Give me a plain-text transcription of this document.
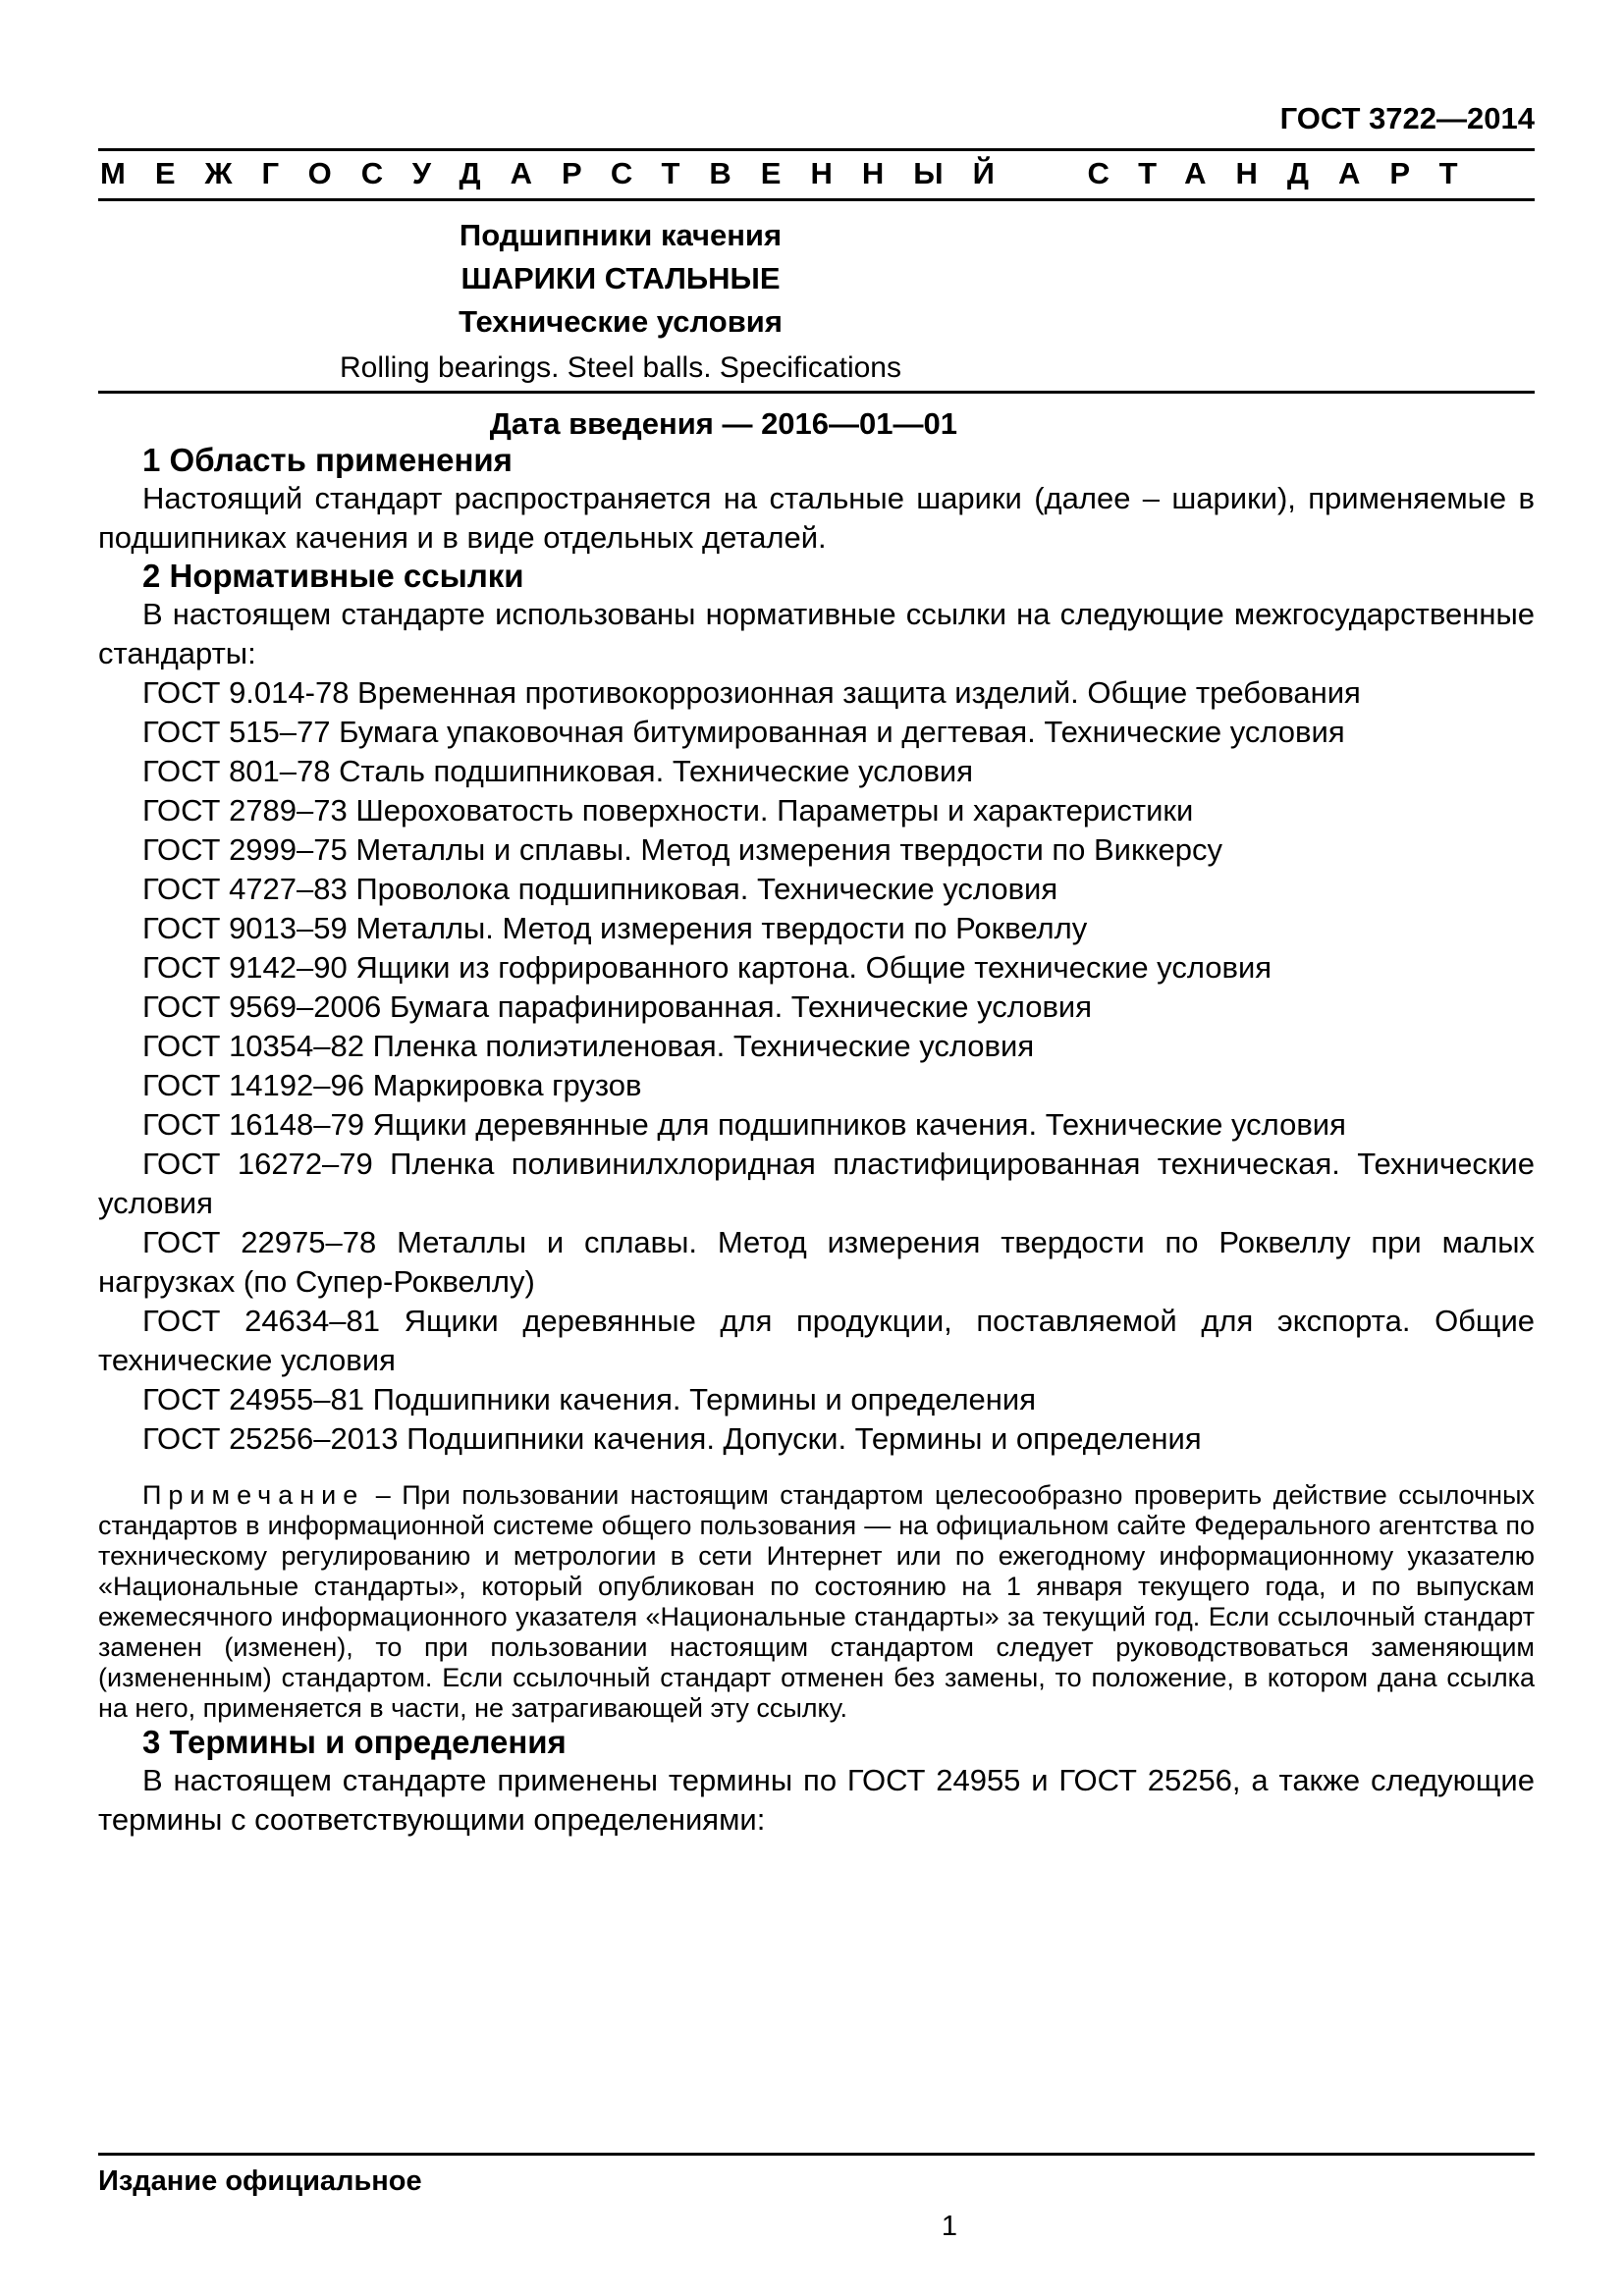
ГОСТ 3722—2014
МЕЖГОСУДАРСТВЕННЫЙ СТАНДАРТ
Подшипники качения
ШАРИКИ СТАЛЬНЫЕ
Технические условия
Rolling bearings. Steel balls. Specifications
Дата введения — 2016—01—01
1 Область применения

Настоящий стандарт распространяется на стальные шарики (далее – шарики), применяемые в подшипниках качения и в виде отдельных деталей.

2 Нормативные ссылки

В настоящем стандарте использованы нормативные ссылки на следующие межгосударственные стандарты:

ГОСТ 9.014-78 Временная противокоррозионная защита изделий. Общие требования

ГОСТ 515–77 Бумага упаковочная битумированная и дегтевая. Технические условия

ГОСТ 801–78 Сталь подшипниковая. Технические условия

ГОСТ 2789–73 Шероховатость поверхности. Параметры и характеристики

ГОСТ 2999–75 Металлы и сплавы. Метод измерения твердости по Виккерсу

ГОСТ 4727–83 Проволока подшипниковая. Технические условия

ГОСТ 9013–59 Металлы. Метод измерения твердости по Роквеллу

ГОСТ 9142–90 Ящики из гофрированного картона. Общие технические условия

ГОСТ 9569–2006 Бумага парафинированная. Технические условия

ГОСТ 10354–82 Пленка полиэтиленовая. Технические условия

ГОСТ 14192–96 Маркировка грузов

ГОСТ 16148–79 Ящики деревянные для подшипников качения. Технические условия

ГОСТ 16272–79 Пленка поливинилхлоридная пластифицированная техническая. Технические условия

ГОСТ 22975–78 Металлы и сплавы. Метод измерения твердости по Роквеллу при малых нагрузках (по Супер-Роквеллу)

ГОСТ 24634–81 Ящики деревянные для продукции, поставляемой для экспорта. Общие технические условия

ГОСТ 24955–81 Подшипники качения. Термины и определения

ГОСТ 25256–2013 Подшипники качения. Допуски. Термины и определения

Примечание – При пользовании настоящим стандартом целесообразно проверить действие ссылочных стандартов в информационной системе общего пользования — на официальном сайте Федерального агентства по техническому регулированию и метрологии в сети Интернет или по ежегодному информационному указателю «Национальные стандарты», который опубликован по состоянию на 1 января текущего года, и по выпускам ежемесячного информационного указателя «Национальные стандарты» за текущий год. Если ссылочный стандарт заменен (изменен), то при пользовании настоящим стандартом следует руководствоваться заменяющим (измененным) стандартом. Если ссылочный стандарт отменен без замены, то положение, в котором дана ссылка на него, применяется в части, не затрагивающей эту ссылку.

3 Термины и определения

В настоящем стандарте применены термины по ГОСТ 24955 и ГОСТ 25256, а также следующие термины с соответствующими определениями:

Издание официальное
1
